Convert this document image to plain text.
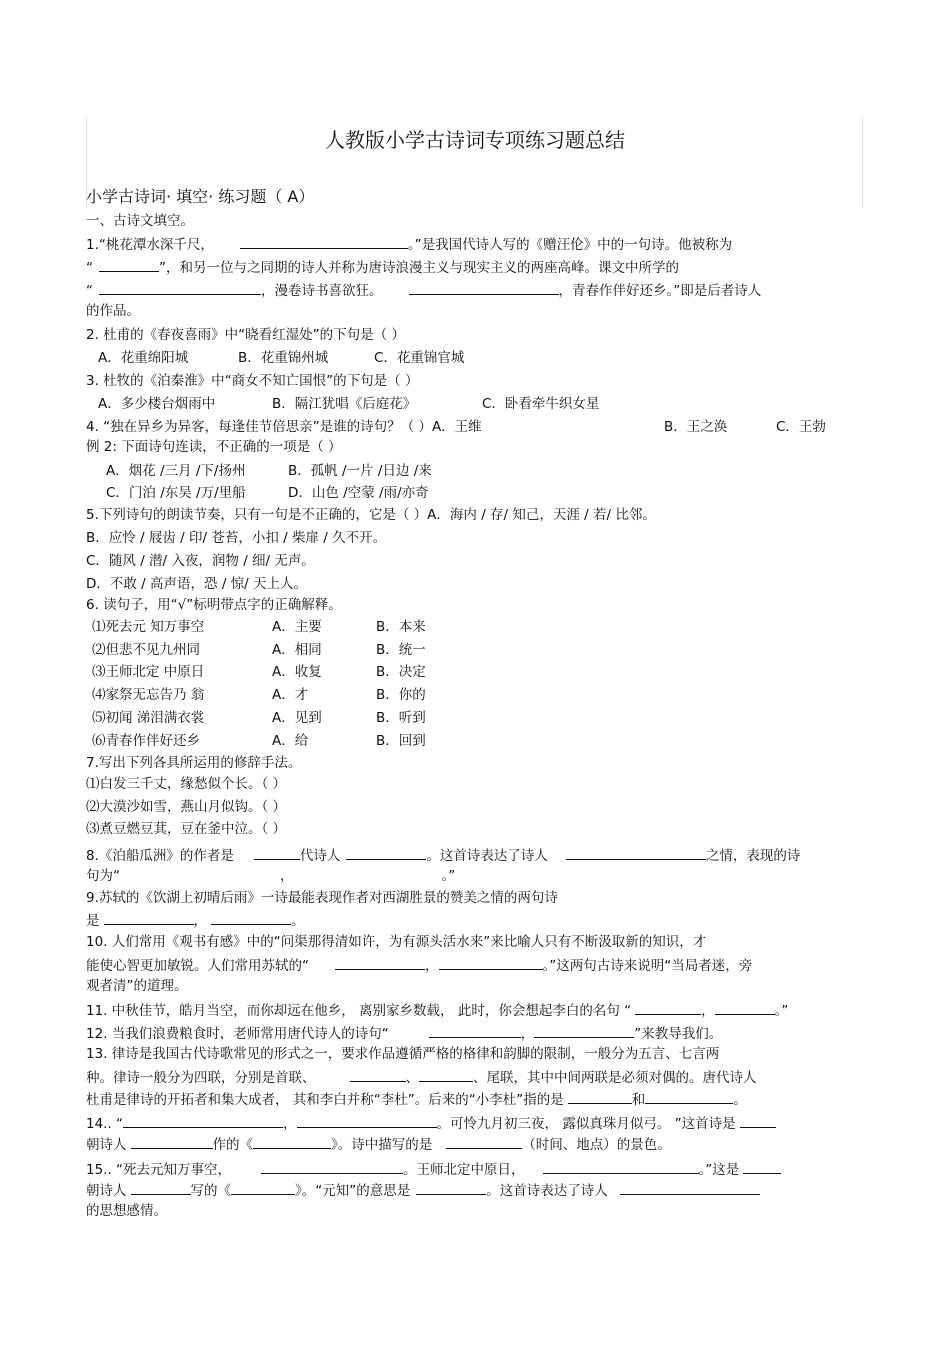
人教版小学古诗词专项练习题总结
小学古诗词· 填空· 练习题（ A）
一、古诗文填空。
1.“桃花潭水深千尺，	。”是我国代诗人写的《赠汪伦》中的一句诗。他被称为
“	”，和另一位与之同期的诗人并称为唐诗浪漫主义与现实主义的两座高峰。课文中所学的
“	，漫卷诗书喜欲狂。	，青春作伴好还乡。”即是后者诗人
的作品。
2. 杜甫的《春夜喜雨》中“晓看红湿处”的下句是（ ）
A．花重绵阳城	B．花重锦州城	C．花重锦官城
3. 杜牧的《泊秦淮》中“商女不知亡国恨”的下句是（ ）
A．多少楼台烟雨中	B．隔江犹唱《后庭花》	C．卧看牵牛织女星
4. “独在异乡为异客，每逢佳节倍思亲”是谁的诗句？（ ）A．王维	B．王之涣	C．王勃
例 2: 下面诗句连读，不正确的一项是（ ）
A．烟花 /三月 /下/扬州	B．孤帆 /一片 /日边 /来
C．门泊 /东吴 /万/里船	D．山色 /空蒙 /雨/亦奇
5.下列诗句的朗读节奏，只有一句是不正确的，它是（ ）A．海内 / 存/ 知己，天涯 / 若/ 比邻。
B．应怜 / 屐齿 / 印/ 苍苔，小扣 / 柴扉 / 久不开。
C．随风 / 潜/ 入夜，润物 / 细/ 无声。
D．不敢 / 高声语，恐 / 惊/ 天上人。
6. 读句子，用“√”标明带点字的正确解释。
⑴死去元 知万事空	A．主要	B．本来
⑵但悲不见九州同	A．相同	B．统一
⑶王师北定 中原日	A．收复	B．决定
⑷家祭无忘告乃 翁	A．才	B．你的
⑸初闻 涕泪满衣裳	A．见到	B．听到
⑹青春作伴好还乡	A．给	B．回到
7.写出下列各具所运用的修辞手法。
⑴白发三千丈，缘愁似个长。（ ）
⑵大漠沙如雪，燕山月似钩。（ ）
⑶煮豆燃豆萁，豆在釜中泣。（ ）
8.《泊船瓜洲》的作者是	代诗人	。这首诗表达了诗人	之情，表现的诗
句为“	，	。”
9.苏轼的《饮湖上初晴后雨》一诗最能表现作者对西湖胜景的赞美之情的两句诗
是	，	。
10. 人们常用《观书有感》中的“问渠那得清如许，为有源头活水来”来比喻人只有不断汲取新的知识，才
能使心智更加敏锐。人们常用苏轼的“	，	。”这两句古诗来说明“当局者迷，旁
观者清”的道理。
11. 中秋佳节，皓月当空，而你却远在他乡， 离别家乡数载， 此时，你会想起李白的名句 “	，	。”
12. 当我们浪费粮食时，老师常用唐代诗人的诗句“	，	”来教导我们。
13. 律诗是我国古代诗歌常见的形式之一，要求作品遵循严格的格律和韵脚的限制，一般分为五言、七言两
种。律诗一般分为四联，分别是首联、	、	、尾联，其中中间两联是必须对偶的。唐代诗人
杜甫是律诗的开拓者和集大成者， 其和李白并称“李杜”。后来的“小李杜”指的是	和	。
14.. “	，	。可怜九月初三夜， 露似真珠月似弓。 ”这首诗是
朝诗人	作的《	》。诗中描写的是	（时间、地点）的景色。
15.. “死去元知万事空，	。王师北定中原日，	。”这是
朝诗人	写的《	》。“元知”的意思是	。这首诗表达了诗人
的思想感情。
